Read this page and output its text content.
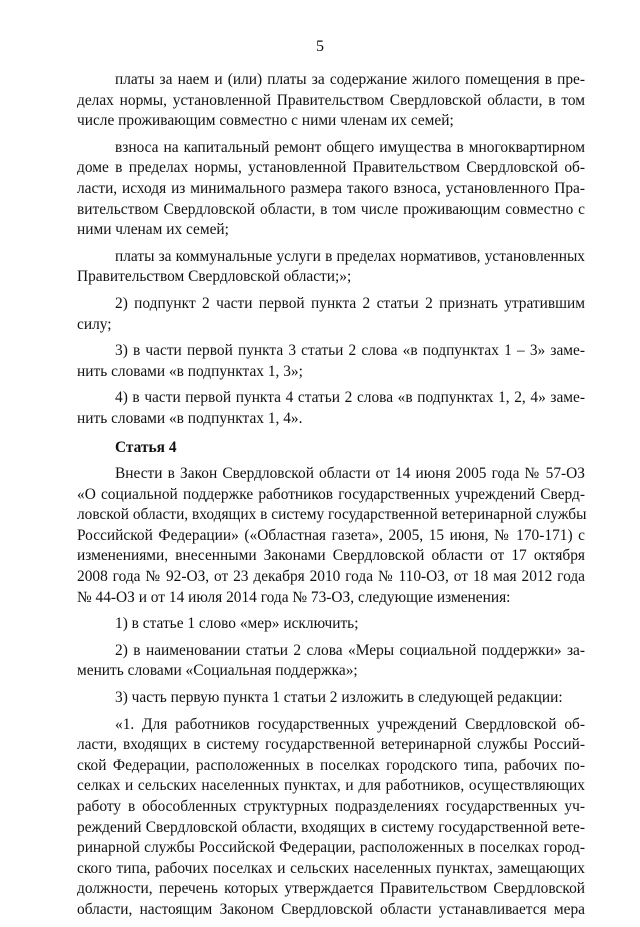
5
платы за наем и (или) платы за содержание жилого помещения в пре-
делах нормы, установленной Правительством Свердловской области, в том
числе проживающим совместно с ними членам их семей;
взноса на капитальный ремонт общего имущества в многоквартирном
доме в пределах нормы, установленной Правительством Свердловской об-
ласти, исходя из минимального размера такого взноса, установленного Пра-
вительством Свердловской области, в том числе проживающим совместно с
ними членам их семей;
платы за коммунальные услуги в пределах нормативов, установленных
Правительством Свердловской области;»;
2) подпункт 2 части первой пункта 2 статьи 2 признать утратившим
силу;
3) в части первой пункта 3 статьи 2 слова «в подпунктах 1 – 3» заме-
нить словами «в подпунктах 1, 3»;
4) в части первой пункта 4 статьи 2 слова «в подпунктах 1, 2, 4» заме-
нить словами «в подпунктах 1, 4».
Статья 4
Внести в Закон Свердловской области от 14 июня 2005 года № 57-ОЗ
«О социальной поддержке работников государственных учреждений Сверд-
ловской области, входящих в систему государственной ветеринарной службы
Российской Федерации» («Областная газета», 2005, 15 июня, № 170-171) с
изменениями, внесенными Законами Свердловской области от 17 октября
2008 года № 92-ОЗ, от 23 декабря 2010 года № 110-ОЗ, от 18 мая 2012 года
№ 44-ОЗ и от 14 июля 2014 года № 73-ОЗ, следующие изменения:
1) в статье 1 слово «мер» исключить;
2) в наименовании статьи 2 слова «Меры социальной поддержки» за-
менить словами «Социальная поддержка»;
3) часть первую пункта 1 статьи 2 изложить в следующей редакции:
«1. Для работников государственных учреждений Свердловской об-
ласти, входящих в систему государственной ветеринарной службы Россий-
ской Федерации, расположенных в поселках городского типа, рабочих по-
селках и сельских населенных пунктах, и для работников, осуществляющих
работу в обособленных структурных подразделениях государственных уч-
реждений Свердловской области, входящих в систему государственной вете-
ринарной службы Российской Федерации, расположенных в поселках город-
ского типа, рабочих поселках и сельских населенных пунктах, замещающих
должности, перечень которых утверждается Правительством Свердловской
области, настоящим Законом Свердловской области устанавливается мера
